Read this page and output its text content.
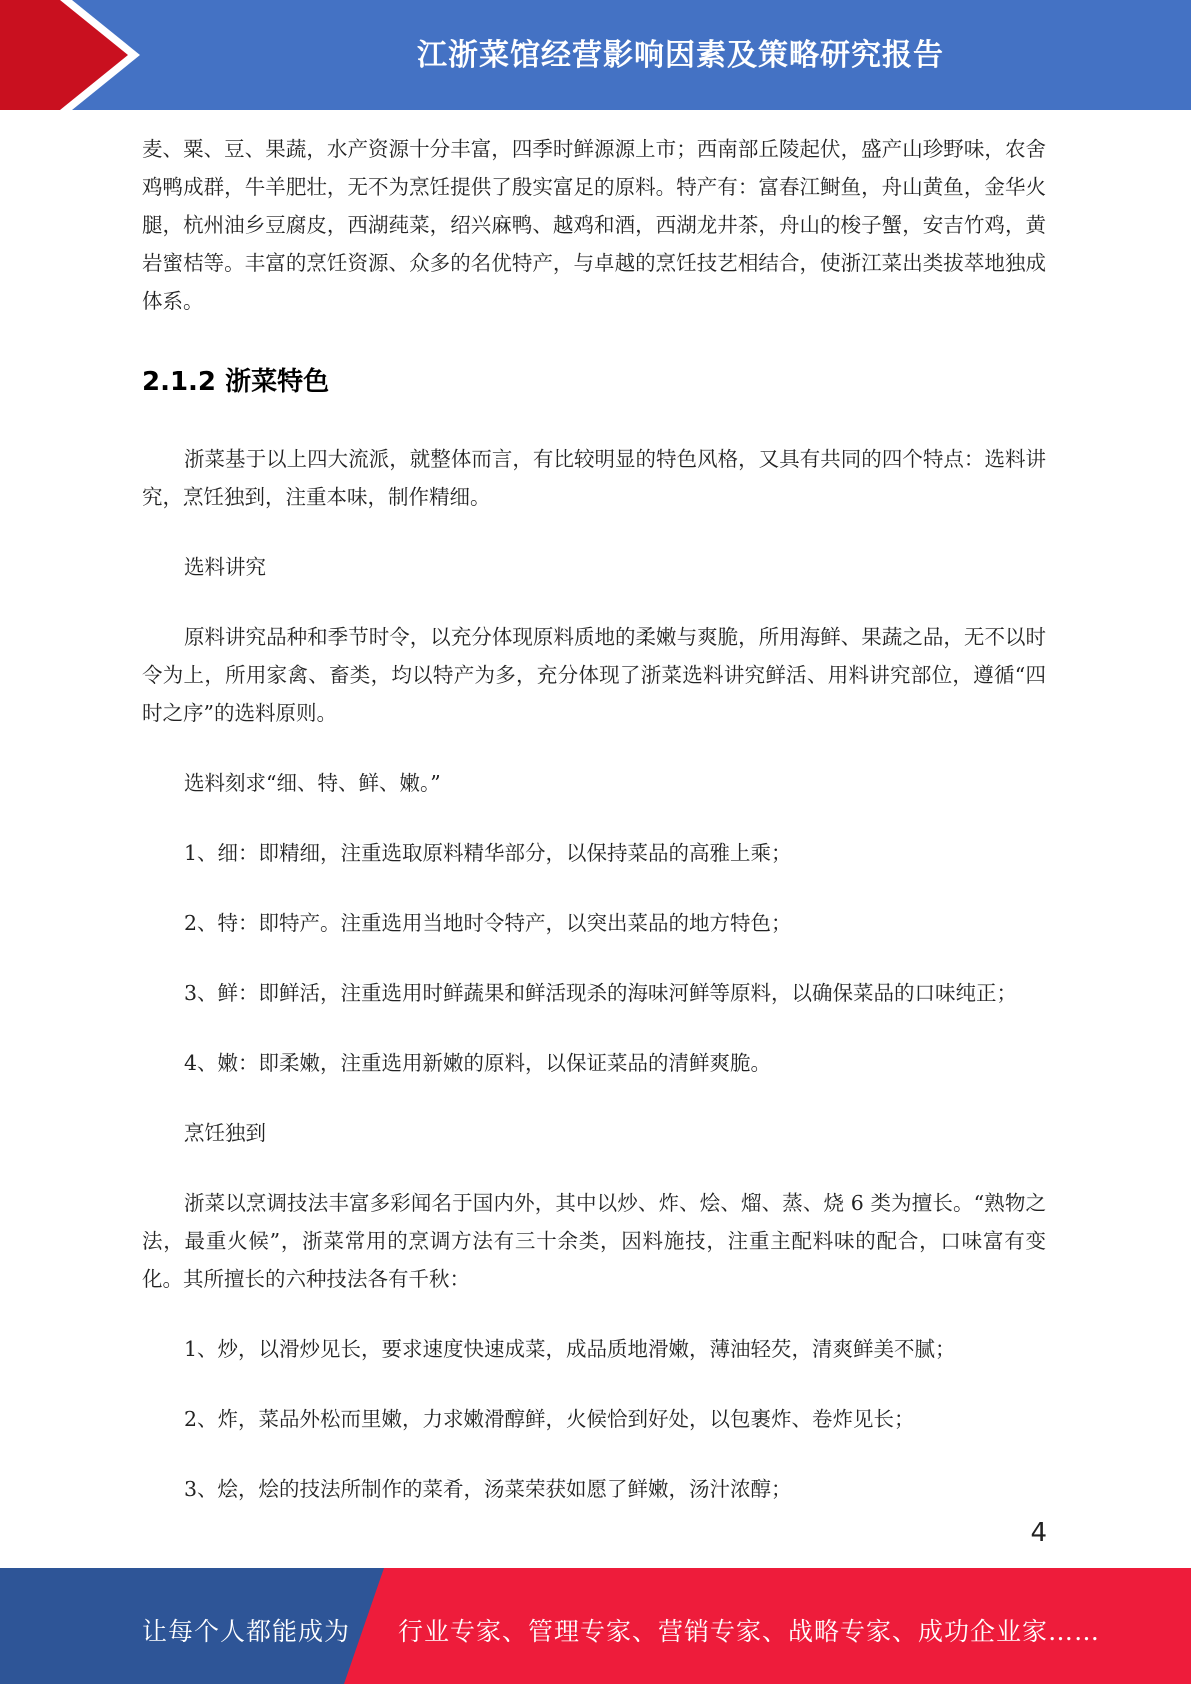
江浙菜馆经营影响因素及策略研究报告

麦、粟、豆、果蔬，水产资源十分丰富，四季时鲜源源上市；西南部丘陵起伏，盛产山珍野味，农舍鸡鸭成群，牛羊肥壮，无不为烹饪提供了殷实富足的原料。特产有：富春江鲥鱼，舟山黄鱼，金华火腿，杭州油乡豆腐皮，西湖莼菜，绍兴麻鸭、越鸡和酒，西湖龙井茶，舟山的梭子蟹，安吉竹鸡，黄岩蜜桔等。丰富的烹饪资源、众多的名优特产，与卓越的烹饪技艺相结合，使浙江菜出类拔萃地独成体系。

2.1.2 浙菜特色

浙菜基于以上四大流派，就整体而言，有比较明显的特色风格，又具有共同的四个特点：选料讲究，烹饪独到，注重本味，制作精细。

选料讲究

原料讲究品种和季节时令，以充分体现原料质地的柔嫩与爽脆，所用海鲜、果蔬之品，无不以时令为上，所用家禽、畜类，均以特产为多，充分体现了浙菜选料讲究鲜活、用料讲究部位，遵循“四时之序”的选料原则。

选料刻求“细、特、鲜、嫩。”

1、细：即精细，注重选取原料精华部分，以保持菜品的高雅上乘；

2、特：即特产。注重选用当地时令特产，以突出菜品的地方特色；

3、鲜：即鲜活，注重选用时鲜蔬果和鲜活现杀的海味河鲜等原料，以确保菜品的口味纯正；

4、嫩：即柔嫩，注重选用新嫩的原料，以保证菜品的清鲜爽脆。

烹饪独到

浙菜以烹调技法丰富多彩闻名于国内外，其中以炒、炸、烩、熘、蒸、烧 6 类为擅长。“熟物之法，最重火候”，浙菜常用的烹调方法有三十余类，因料施技，注重主配料味的配合，口味富有变化。其所擅长的六种技法各有千秋：

1、炒，以滑炒见长，要求速度快速成菜，成品质地滑嫩，薄油轻芡，清爽鲜美不腻；

2、炸，菜品外松而里嫩，力求嫩滑醇鲜，火候恰到好处，以包裹炸、卷炸见长；

3、烩，烩的技法所制作的菜肴，汤菜荣获如愿了鲜嫩，汤汁浓醇；

4
让每个人都能成为 行业专家、管理专家、营销专家、战略专家、成功企业家……
